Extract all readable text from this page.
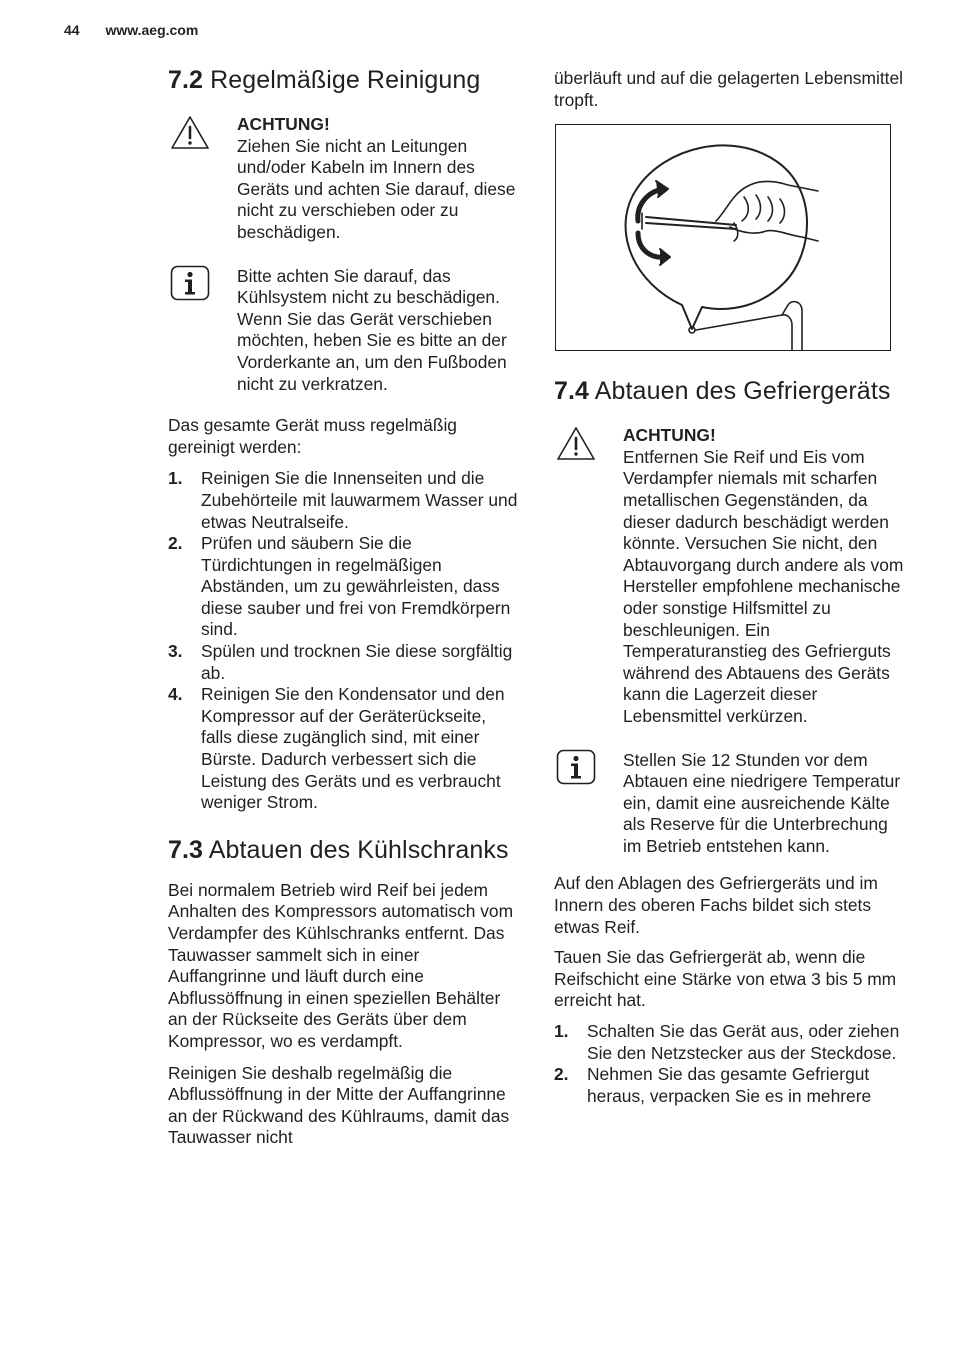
44 www.aeg.com
7.2 Regelmäßige Reinigung
ACHTUNG!
Ziehen Sie nicht an Leitungen und/oder Kabeln im Innern des Geräts und achten Sie darauf, diese nicht zu verschieben oder zu beschädigen.
Bitte achten Sie darauf, das Kühlsystem nicht zu beschädigen.
Wenn Sie das Gerät verschieben möchten, heben Sie es bitte an der Vorderkante an, um den Fußboden nicht zu verkratzen.

Das gesamte Gerät muss regelmäßig gereinigt werden:

1. Reinigen Sie die Innenseiten und die Zubehörteile mit lauwarmem Wasser und etwas Neutralseife.
2. Prüfen und säubern Sie die Türdichtungen in regelmäßigen Abständen, um zu gewährleisten, dass diese sauber und frei von Fremdkörpern sind.
3. Spülen und trocknen Sie diese sorgfältig ab.
4. Reinigen Sie den Kondensator und den Kompressor auf der Geräterückseite, falls diese zugänglich sind, mit einer Bürste. Dadurch verbessert sich die Leistung des Geräts und es verbraucht weniger Strom.
7.3 Abtauen des Kühlschranks

Bei normalem Betrieb wird Reif bei jedem Anhalten des Kompressors automatisch vom Verdampfer des Kühlschranks entfernt. Das Tauwasser sammelt sich in einer Auffangrinne und läuft durch eine Abflussöffnung in einen speziellen Behälter an der Rückseite des Geräts über dem Kompressor, wo es verdampft.

Reinigen Sie deshalb regelmäßig die Abflussöffnung in der Mitte der Auffangrinne an der Rückwand des Kühlraums, damit das Tauwasser nicht

überläuft und auf die gelagerten Lebensmittel tropft.

7.4 Abtauen des Gefriergeräts
ACHTUNG!
Entfernen Sie Reif und Eis vom Verdampfer niemals mit scharfen metallischen Gegenständen, da dieser dadurch beschädigt werden könnte. Versuchen Sie nicht, den Abtauvorgang durch andere als vom Hersteller empfohlene mechanische oder sonstige Hilfsmittel zu beschleunigen. Ein Temperaturanstieg des Gefrierguts während des Abtauens des Geräts kann die Lagerzeit dieser Lebensmittel verkürzen.
Stellen Sie 12 Stunden vor dem Abtauen eine niedrigere Temperatur ein, damit eine ausreichende Kälte als Reserve für die Unterbrechung im Betrieb entstehen kann.

Auf den Ablagen des Gefriergeräts und im Innern des oberen Fachs bildet sich stets etwas Reif.

Tauen Sie das Gefriergerät ab, wenn die Reifschicht eine Stärke von etwa 3 bis 5 mm erreicht hat.

1. Schalten Sie das Gerät aus, oder ziehen Sie den Netzstecker aus der Steckdose.
2. Nehmen Sie das gesamte Gefriergut heraus, verpacken Sie es in mehrere
